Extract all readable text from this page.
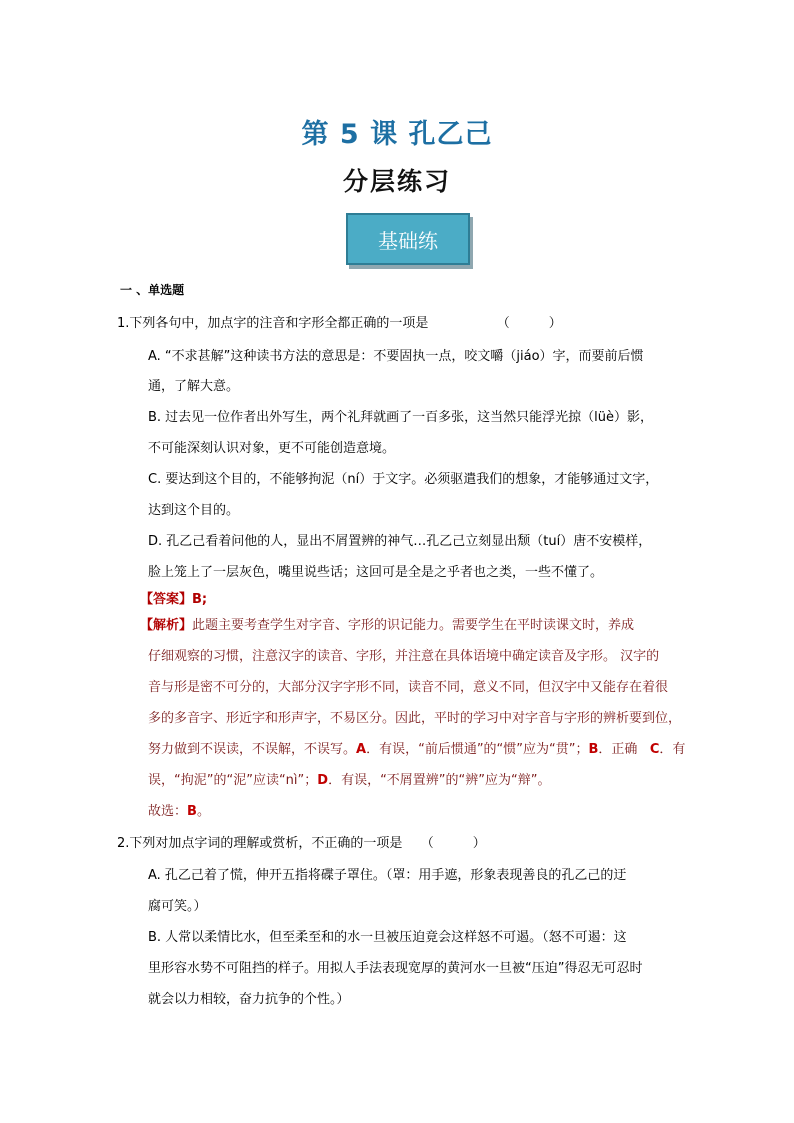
第 5 课 孔乙己
分层练习
基础练
一 、单选题
1.下列各句中，加点字的注音和字形全都正确的一项是	（　　　）
A. “不求甚解”这种读书方法的意思是：不要固执一点，咬文嚼（jiáo）字，而要前后惯
通，了解大意。
B. 过去见一位作者出外写生，两个礼拜就画了一百多张，这当然只能浮光掠（lüè）影，
不可能深刻认识对象，更不可能创造意境。
C. 要达到这个目的，不能够拘泥（ní）于文字。必须驱遣我们的想象，才能够通过文字，
达到这个目的。
D. 孔乙己看着问他的人，显出不屑置辨的神气…孔乙己立刻显出颓（tuí）唐不安模样，
脸上笼上了一层灰色，嘴里说些话；这回可是全是之乎者也之类，一些不懂了。
【答案】B;
【解析】此题主要考查学生对字音、字形的识记能力。需要学生在平时读课文时，养成
仔细观察的习惯，注意汉字的读音、字形，并注意在具体语境中确定读音及字形。 汉字的
音与形是密不可分的，大部分汉字字形不同，读音不同，意义不同，但汉字中又能存在着很
多的多音字、形近字和形声字，不易区分。因此，平时的学习中对字音与字形的辨析要到位，
努力做到不误读，不误解，不误写。A．有误，“前后惯通”的“惯”应为“贯”；B．正确 C．有
误，“拘泥”的“泥”应读“nì”；D．有误，“不屑置辨”的“辨”应为“辩”。
故选：B。
2.下列对加点字词的理解或赏析，不正确的一项是 （　　　）
A. 孔乙己着了慌，伸开五指将碟子罩住。（罩：用手遮，形象表现善良的孔乙己的迂
腐可笑。）
B. 人常以柔情比水，但至柔至和的水一旦被压迫竟会这样怒不可遏。（怒不可遏：这
里形容水势不可阻挡的样子。用拟人手法表现宽厚的黄河水一旦被“压迫”得忍无可忍时
就会以力相较，奋力抗争的个性。）
